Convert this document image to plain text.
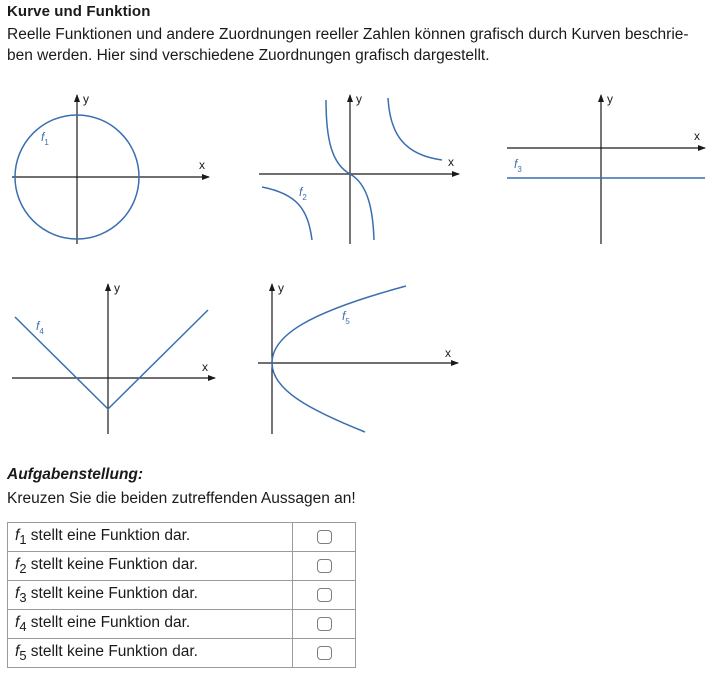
Kurve und Funktion
Reelle Funktionen und andere Zuordnungen reeller Zahlen können grafisch durch Kurven beschrie-
ben werden. Hier sind verschiedene Zuordnungen grafisch dargestellt.
x
y
$f_1$
x
y
$f_2$
x
y
$f_3$
x
y
$f_4$
x
y
$f_5$
Aufgabenstellung:
Kreuzen Sie die beiden zutreffenden Aussagen an!
$f_1$ stellt eine Funktion dar.	
$f_2$ stellt keine Funktion dar.	
$f_3$ stellt keine Funktion dar.	
$f_4$ stellt eine Funktion dar.	
$f_5$ stellt keine Funktion dar.	
